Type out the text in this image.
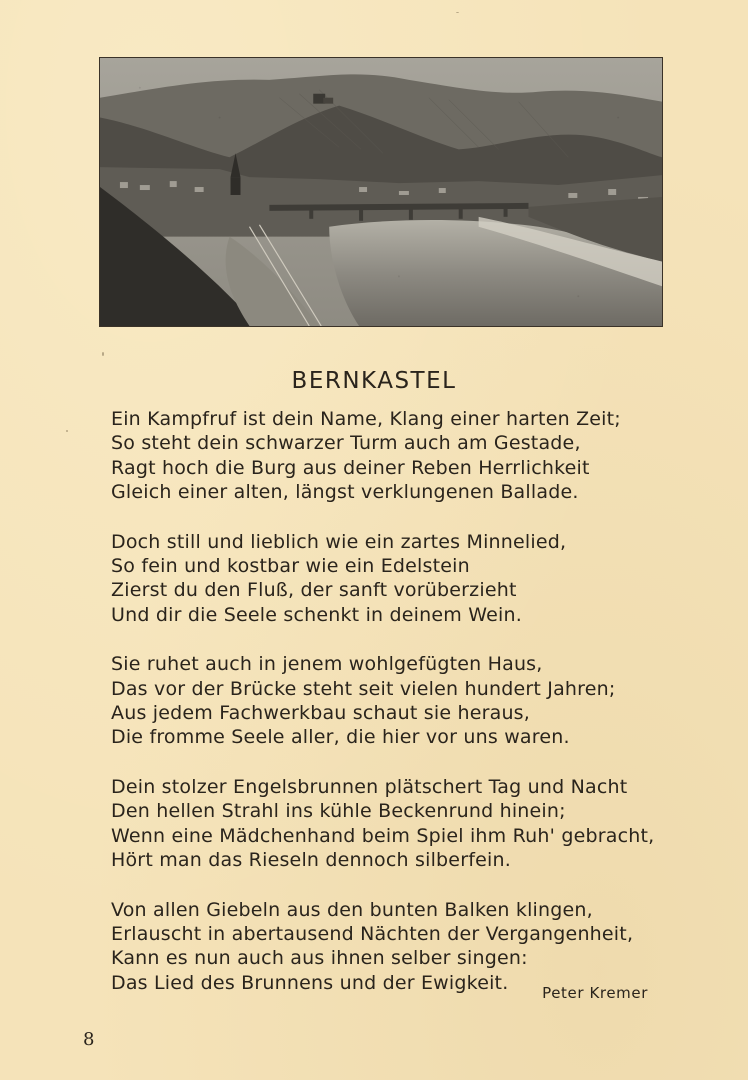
BERNKASTEL
Ein Kampfruf ist dein Name, Klang einer harten Zeit;
So steht dein schwarzer Turm auch am Gestade,
Ragt hoch die Burg aus deiner Reben Herrlichkeit
Gleich einer alten, längst verklungenen Ballade.
Doch still und lieblich wie ein zartes Minnelied,
So fein und kostbar wie ein Edelstein
Zierst du den Fluß, der sanft vorüberzieht
Und dir die Seele schenkt in deinem Wein.
Sie ruhet auch in jenem wohlgefügten Haus,
Das vor der Brücke steht seit vielen hundert Jahren;
Aus jedem Fachwerkbau schaut sie heraus,
Die fromme Seele aller, die hier vor uns waren.
Dein stolzer Engelsbrunnen plätschert Tag und Nacht
Den hellen Strahl ins kühle Beckenrund hinein;
Wenn eine Mädchenhand beim Spiel ihm Ruh' gebracht,
Hört man das Rieseln dennoch silberfein.
Von allen Giebeln aus den bunten Balken klingen,
Erlauscht in abertausend Nächten der Vergangenheit,
Kann es nun auch aus ihnen selber singen:
Das Lied des Brunnens und der Ewigkeit.	Peter Kremer
8
